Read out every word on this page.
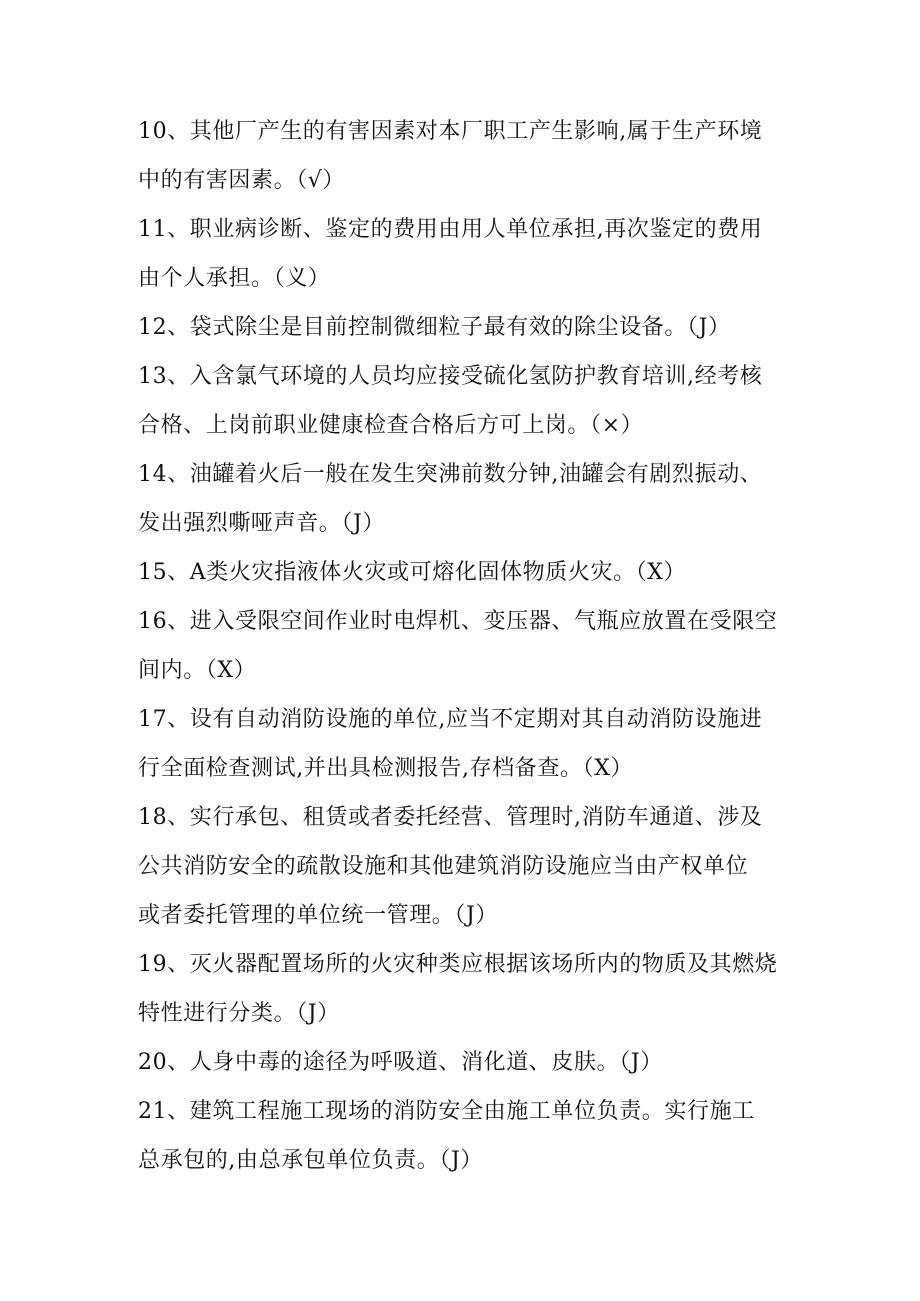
10、其他厂产生的有害因素对本厂职工产生影响,属于生产环境
中的有害因素。（√）
11、职业病诊断、鉴定的费用由用人单位承担,再次鉴定的费用
由个人承担。（义）
12、袋式除尘是目前控制微细粒子最有效的除尘设备。（J）
13、入含氯气环境的人员均应接受硫化氢防护教育培训,经考核
合格、上岗前职业健康检查合格后方可上岗。（×）
14、油罐着火后一般在发生突沸前数分钟,油罐会有剧烈振动、
发出强烈嘶哑声音。（J）
15、A类火灾指液体火灾或可熔化固体物质火灾。（X）
16、进入受限空间作业时电焊机、变压器、气瓶应放置在受限空
间内。（X）
17、设有自动消防设施的单位,应当不定期对其自动消防设施进
行全面检查测试,并出具检测报告,存档备查。（X）
18、实行承包、租赁或者委托经营、管理时,消防车通道、涉及
公共消防安全的疏散设施和其他建筑消防设施应当由产权单位
或者委托管理的单位统一管理。（J）
19、灭火器配置场所的火灾种类应根据该场所内的物质及其燃烧
特性进行分类。（J）
20、人身中毒的途径为呼吸道、消化道、皮肤。（J）
21、建筑工程施工现场的消防安全由施工单位负责。实行施工
总承包的,由总承包单位负责。（J）
